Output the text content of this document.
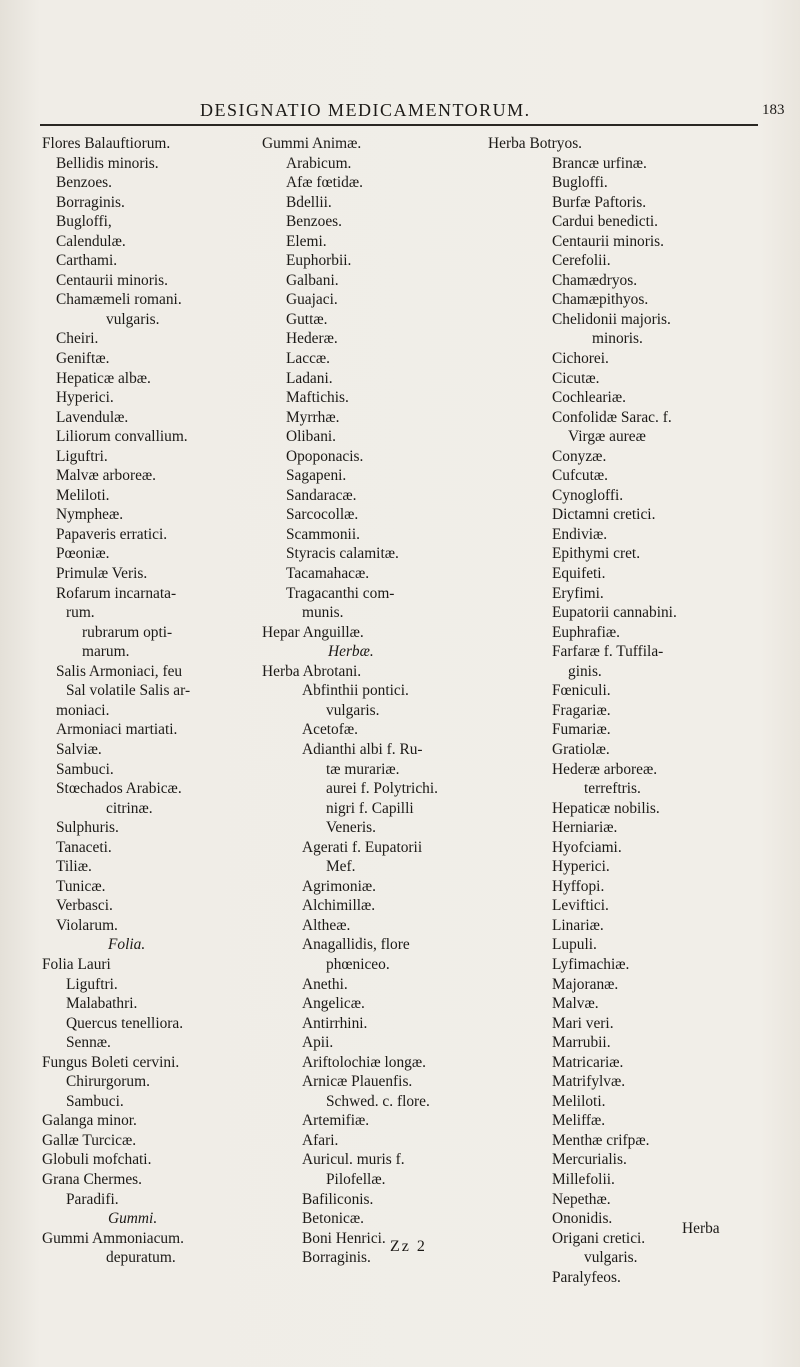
DESIGNATIO MEDICAMENTORUM.	183
Flores Balauftiorum.
Bellidis minoris.
Benzoes.
Borraginis.
Bugloffi,
Calendulæ.
Carthami.
Centaurii minoris.
Chamæmeli romani.
vulgaris.
Cheiri.
Geniftæ.
Hepaticæ albæ.
Hyperici.
Lavendulæ.
Liliorum convallium.
Liguftri.
Malvæ arboreæ.
Meliloti.
Nympheæ.
Papaveris erratici.
Pœoniæ.
Primulæ Veris.
Rofarum incarnata-
rum.
rubrarum opti-
marum.
Salis Armoniaci, feu
Sal volatile Salis ar-
moniaci.
Armoniaci martiati.
Salviæ.
Sambuci.
Stœchados Arabicæ.
citrinæ.
Sulphuris.
Tanaceti.
Tiliæ.
Tunicæ.
Verbasci.
Violarum.
Folia.
Folia Lauri
Liguftri.
Malabathri.
Quercus tenelliora.
Sennæ.
Fungus Boleti cervini.
Chirurgorum.
Sambuci.
Galanga minor.
Gallæ Turcicæ.
Globuli mofchati.
Grana Chermes.
Paradifi.
Gummi.
Gummi Ammoniacum.
depuratum.
Gummi Animæ.
Arabicum.
Afæ fœtidæ.
Bdellii.
Benzoes.
Elemi.
Euphorbii.
Galbani.
Guajaci.
Guttæ.
Hederæ.
Laccæ.
Ladani.
Maftichis.
Myrrhæ.
Olibani.
Opoponacis.
Sagapeni.
Sandaracæ.
Sarcocollæ.
Scammonii.
Styracis calamitæ.
Tacamahacæ.
Tragacanthi com-
munis.
Hepar Anguillæ.
Herbæ.
Herba Abrotani.
Abfinthii pontici.
vulgaris.
Acetofæ.
Adianthi albi f. Ru-
tæ murariæ.
aurei f. Polytrichi.
nigri f. Capilli
Veneris.
Agerati f. Eupatorii
Mef.
Agrimoniæ.
Alchimillæ.
Altheæ.
Anagallidis, flore
phœniceo.
Anethi.
Angelicæ.
Antirrhini.
Apii.
Ariftolochiæ longæ.
Arnicæ Plauenfis.
Schwed. c. flore.
Artemifiæ.
Afari.
Auricul. muris f.
Pilofellæ.
Bafiliconis.
Betonicæ.
Boni Henrici.
Borraginis.
Herba Botryos.
Brancæ urfinæ.
Bugloffi.
Burfæ Paftoris.
Cardui benedicti.
Centaurii minoris.
Cerefolii.
Chamædryos.
Chamæpithyos.
Chelidonii majoris.
minoris.
Cichorei.
Cicutæ.
Cochleariæ.
Confolidæ Sarac. f.
Virgæ aureæ
Conyzæ.
Cufcutæ.
Cynogloffi.
Dictamni cretici.
Endiviæ.
Epithymi cret.
Equifeti.
Eryfimi.
Eupatorii cannabini.
Euphrafiæ.
Farfaræ f. Tuffila-
ginis.
Fœniculi.
Fragariæ.
Fumariæ.
Gratiolæ.
Hederæ arboreæ.
terreftris.
Hepaticæ nobilis.
Herniariæ.
Hyofciami.
Hyperici.
Hyffopi.
Leviftici.
Linariæ.
Lupuli.
Lyfimachiæ.
Majoranæ.
Malvæ.
Mari veri.
Marrubii.
Matricariæ.
Matrifylvæ.
Meliloti.
Meliffæ.
Menthæ crifpæ.
Mercurialis.
Millefolii.
Nepethæ.
Ononidis.
Origani cretici.
vulgaris.
Paralyfeos.
Zz 2
Herba
